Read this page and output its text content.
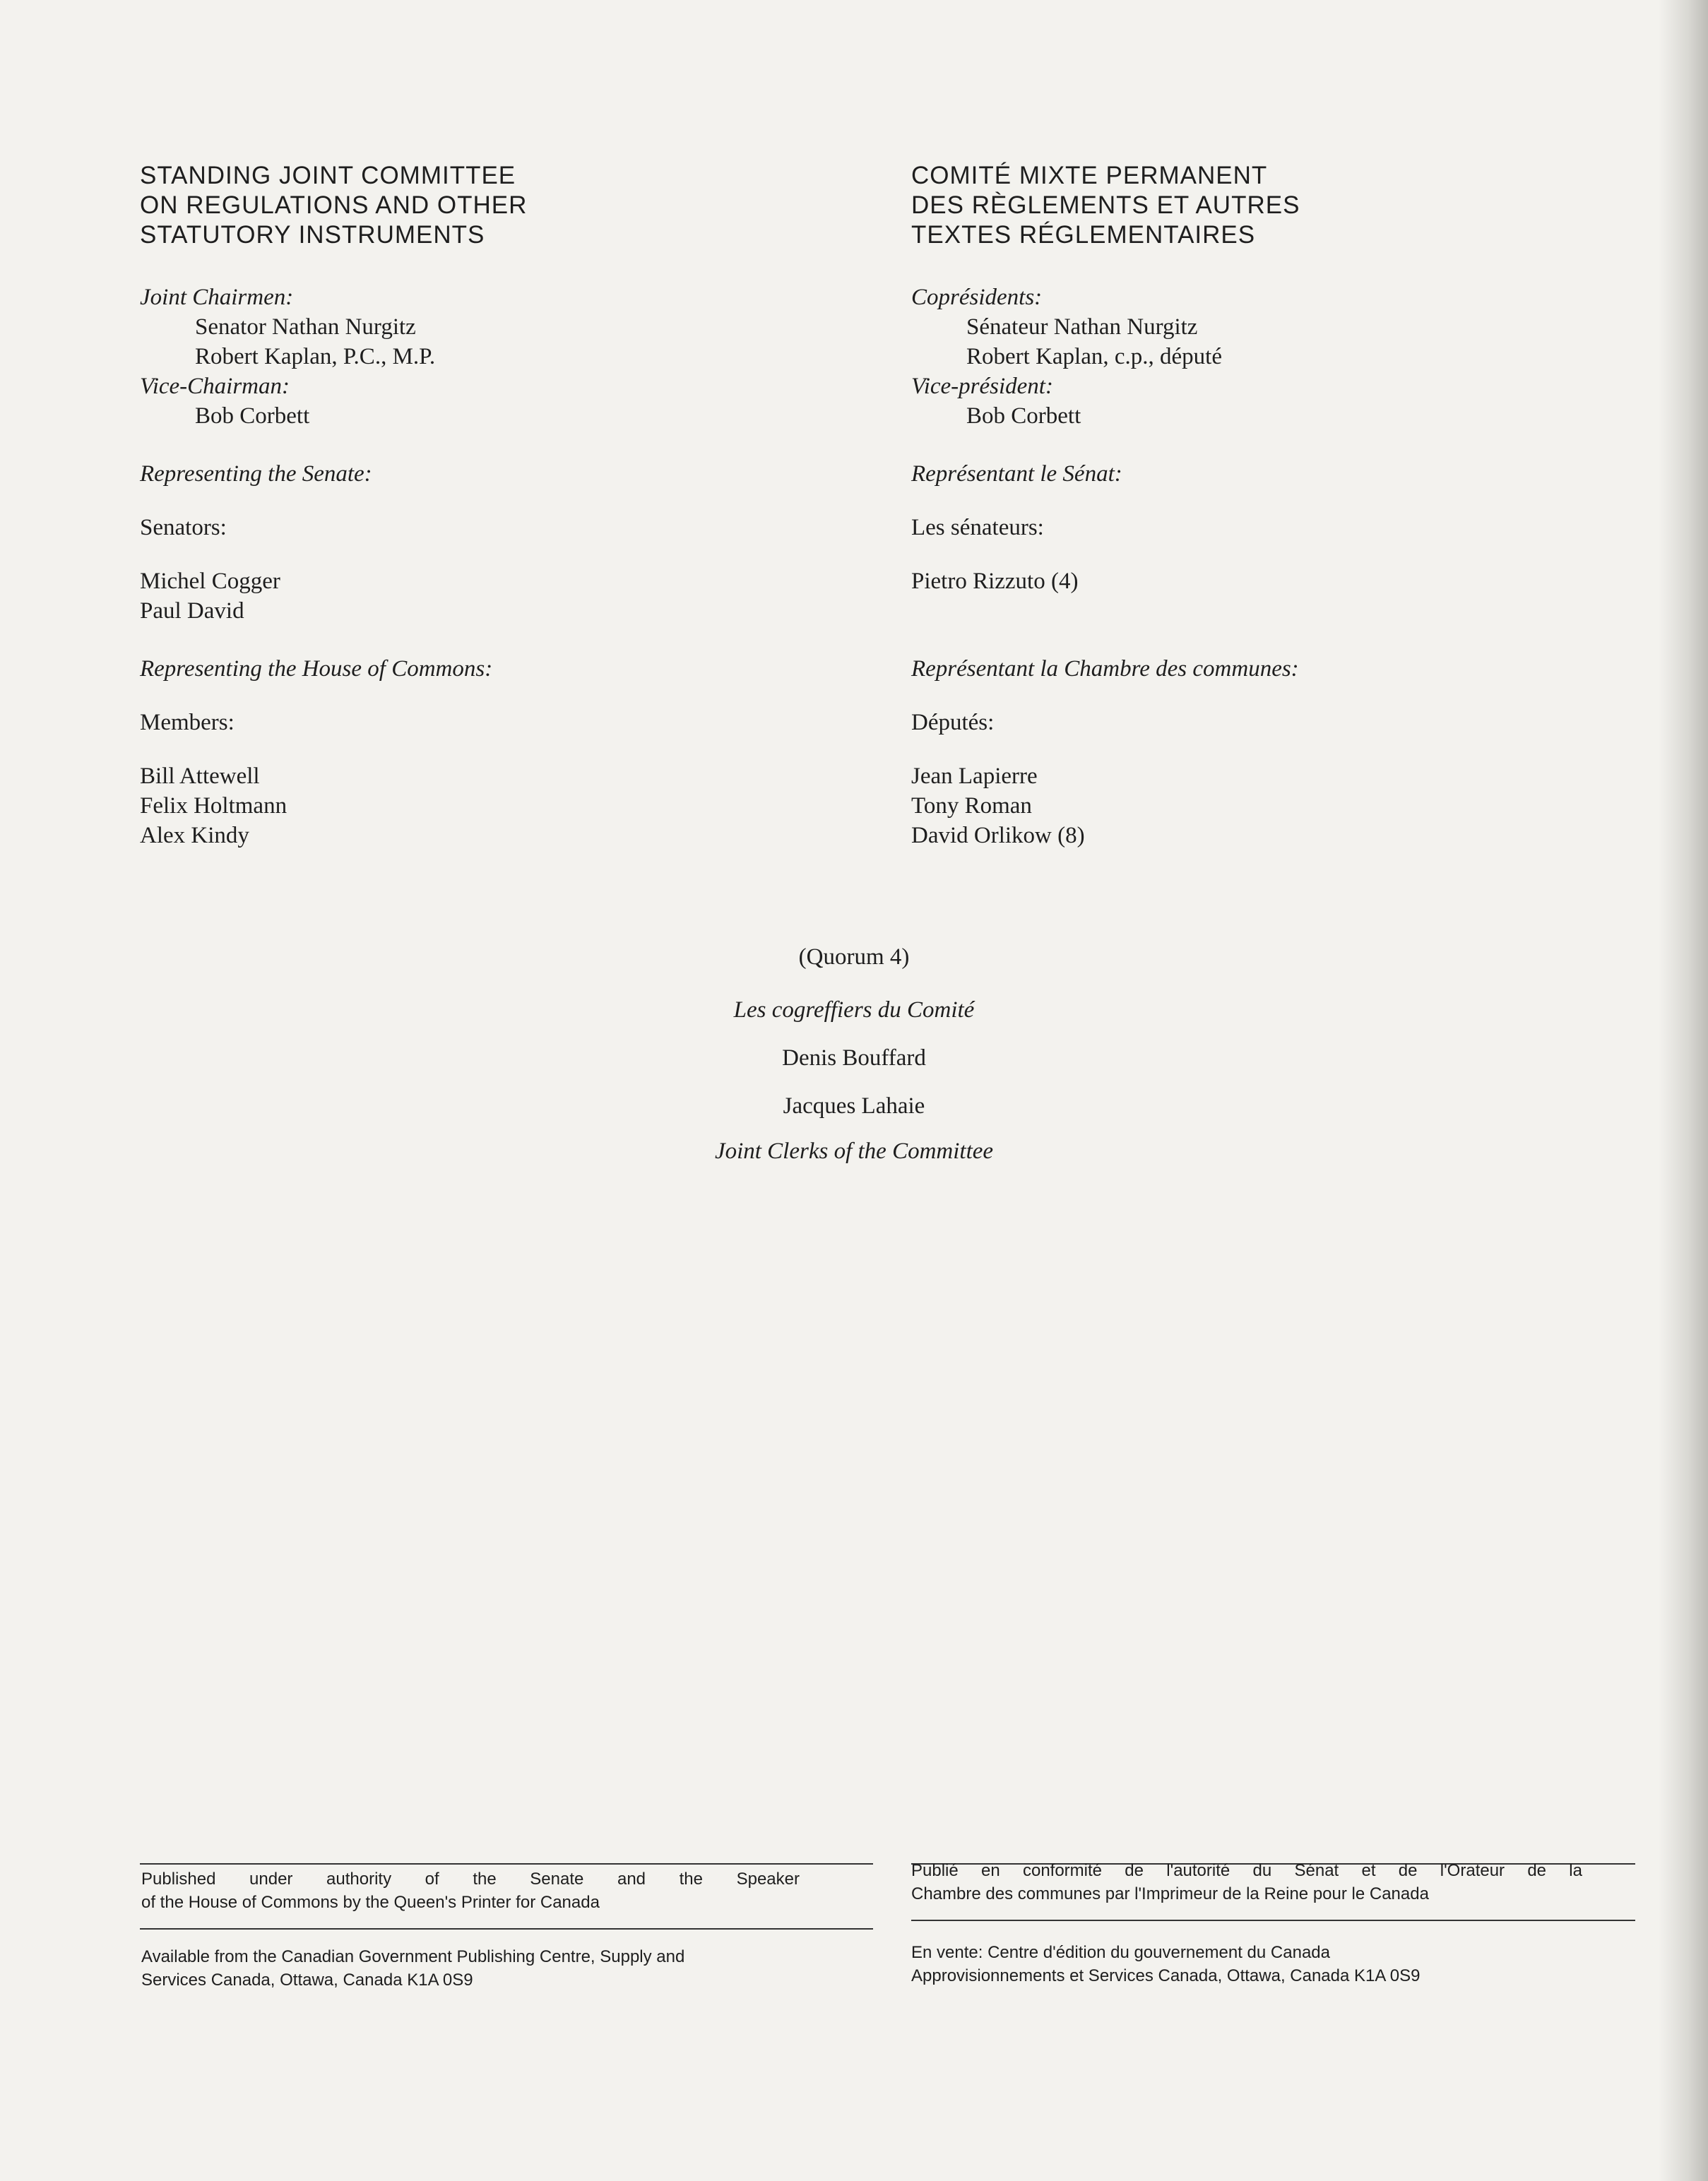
STANDING JOINT COMMITTEE
ON REGULATIONS AND OTHER
STATUTORY INSTRUMENTS
Joint Chairmen:
Senator Nathan Nurgitz
Robert Kaplan, P.C., M.P.
Vice-Chairman:
Bob Corbett
Representing the Senate:
Senators:
Michel Cogger
Paul David
Representing the House of Commons:
Members:
Bill Attewell
Felix Holtmann
Alex Kindy
COMITÉ MIXTE PERMANENT
DES RÈGLEMENTS ET AUTRES
TEXTES RÉGLEMENTAIRES
Coprésidents:
Sénateur Nathan Nurgitz
Robert Kaplan, c.p., député
Vice-président:
Bob Corbett
Représentant le Sénat:
Les sénateurs:
Pietro Rizzuto (4)
Représentant la Chambre des communes:
Députés:
Jean Lapierre
Tony Roman
David Orlikow (8)
(Quorum 4)
Les cogreffiers du Comité
Denis Bouffard
Jacques Lahaie
Joint Clerks of the Committee
Published under authority of the Senate and the Speaker
of the House of Commons by the Queen's Printer for Canada
Publié en conformité de l'autorité du Sénat et de l'Orateur de la
Chambre des communes par l'Imprimeur de la Reine pour le Canada
Available from the Canadian Government Publishing Centre, Supply and
Services Canada, Ottawa, Canada K1A 0S9
En vente: Centre d'édition du gouvernement du Canada
Approvisionnements et Services Canada, Ottawa, Canada K1A 0S9
